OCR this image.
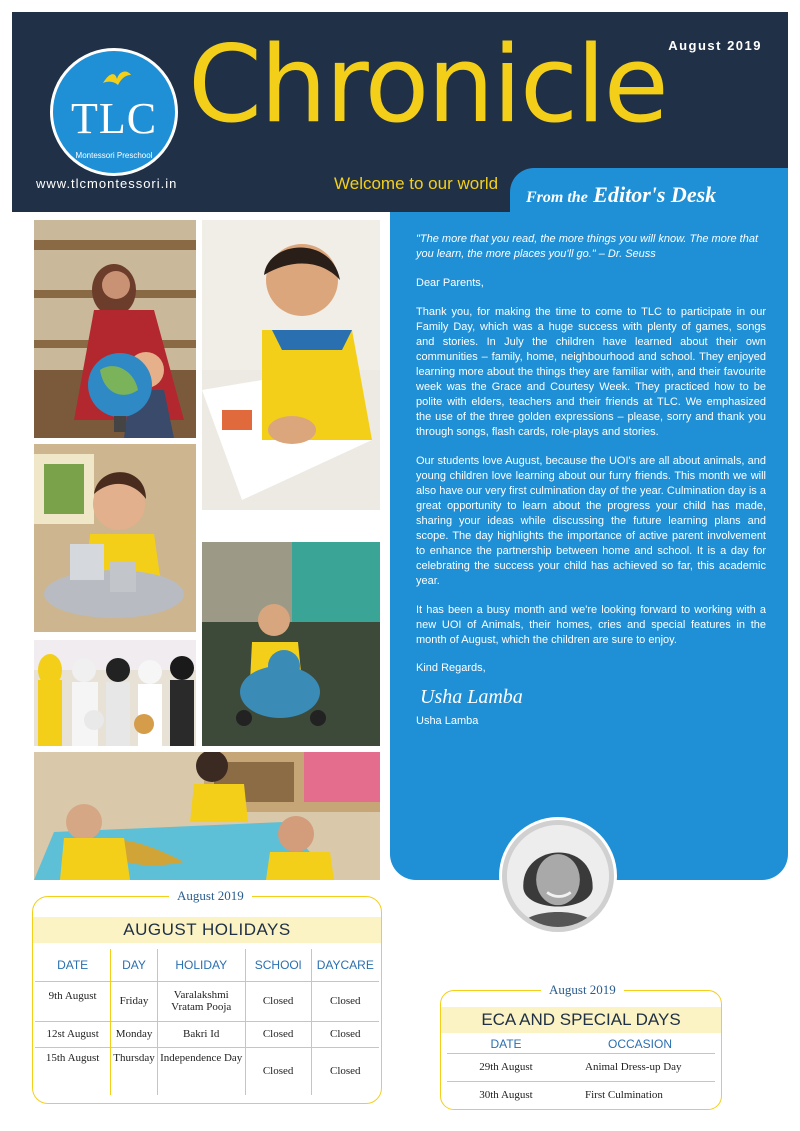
August 2019
TLC
Montessori Preschool
www.tlcmontessori.in
Chronicle
Welcome to our world
From the Editor's Desk
"The more that you read, the more things you will know. The more that you learn, the more places you'll go." – Dr. Seuss
Dear Parents,
Thank you, for making the time to come to TLC to participate in our Family Day, which was a huge success with plenty of games, songs and stories. In July the children have learned about their own communities – family, home, neighbourhood and school. They enjoyed learning more about the things they are familiar with, and their favourite week was the Grace and Courtesy Week. They practiced how to be polite with elders, teachers and their friends at TLC. We emphasized the use of the three golden expressions – please, sorry and thank you through songs, flash cards, role-plays and stories.
Our students love August, because the UOI's are all about animals, and young children love learning about our furry friends. This month we will also have our very first culmination day of the year. Culmination day is a great opportunity to learn about the progress your child has made, sharing your ideas while discussing the future learning plans and scope. The day highlights the importance of active parent involvement to enhance the partnership between home and school. It is a day for celebrating the success your child has achieved so far, this academic year.
It has been a busy month and we're looking forward to working with a new UOI of Animals, their homes, cries and special features in the month of August, which the children are sure to enjoy.
Kind Regards,
Usha Lamba
Usha Lamba
August 2019
AUGUST HOLIDAYS
DATE	DAY	HOLIDAY	SCHOOl	DAYCARE
9th August	Friday	Varalakshmi Vratam Pooja	Closed	Closed
12st August	Monday	Bakri Id	Closed	Closed
15th August	Thursday	Independence Day	Closed	Closed
August 2019
ECA AND SPECIAL DAYS
DATE	OCCASION
29th August	Animal Dress-up Day
30th August	First Culmination
